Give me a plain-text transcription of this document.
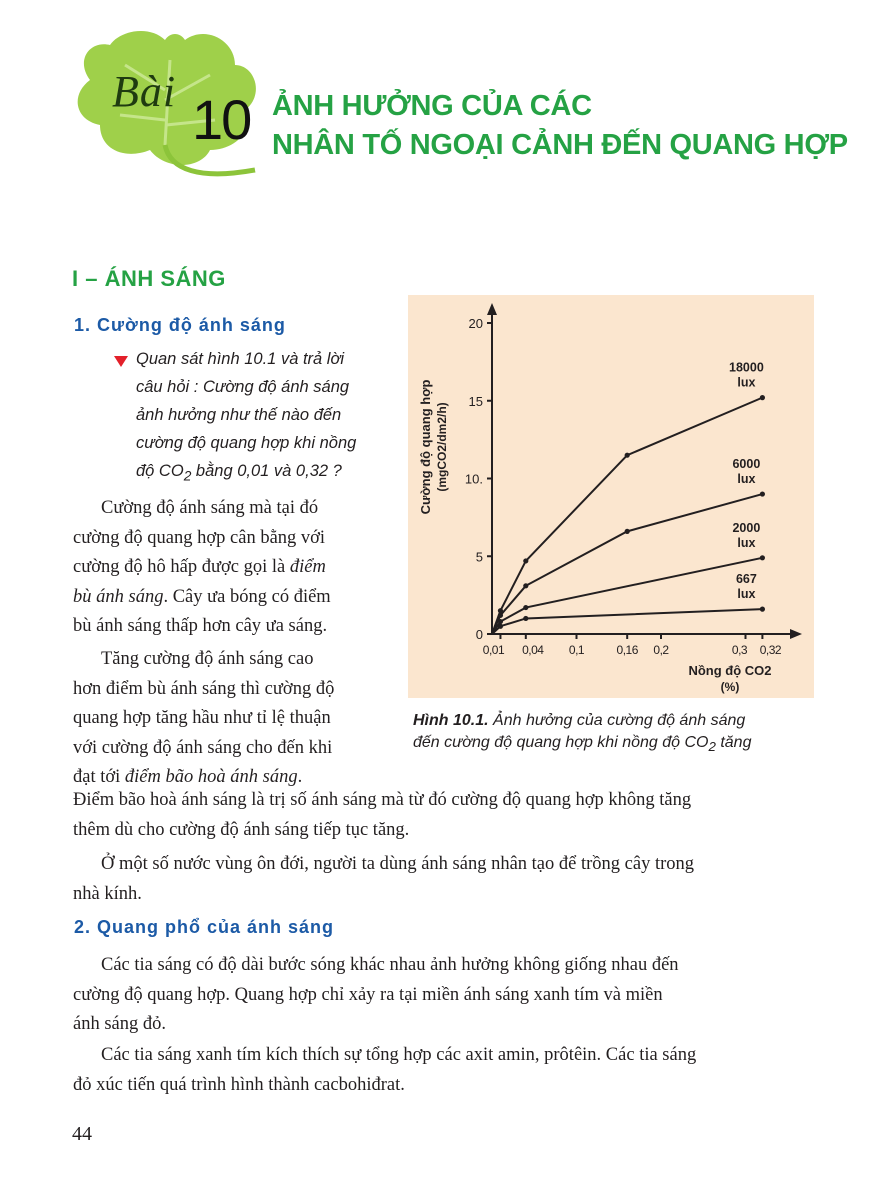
Bài 10 ẢNH HƯỞNG CỦA CÁC
NHÂN TỐ NGOẠI CẢNH ĐẾN QUANG HỢP
I – ÁNH SÁNG
1. Cường độ ánh sáng
Quan sát hình 10.1 và trả lời
câu hỏi : Cường độ ánh sáng
ảnh hưởng như thế nào đến
cường độ quang hợp khi nồng
độ $CO_2$ bằng 0,01 và 0,32 ?
Cường độ ánh sáng mà tại đó
cường độ quang hợp cân bằng với
cường độ hô hấp được gọi là điểm
bù ánh sáng. Cây ưa bóng có điểm
bù ánh sáng thấp hơn cây ưa sáng.
Tăng cường độ ánh sáng cao
hơn điểm bù ánh sáng thì cường độ
quang hợp tăng hầu như tỉ lệ thuận
với cường độ ánh sáng cho đến khi
đạt tới điểm bão hoà ánh sáng.
Điểm bão hoà ánh sáng là trị số ánh sáng mà từ đó cường độ quang hợp không tăng
thêm dù cho cường độ ánh sáng tiếp tục tăng.
Ở một số nước vùng ôn đới, người ta dùng ánh sáng nhân tạo để trồng cây trong
nhà kính.
2. Quang phổ của ánh sáng
Các tia sáng có độ dài bước sóng khác nhau ảnh hưởng không giống nhau đến
cường độ quang hợp. Quang hợp chỉ xảy ra tại miền ánh sáng xanh tím và miền
ánh sáng đỏ.
Các tia sáng xanh tím kích thích sự tổng hợp các axit amin, prôtêin. Các tia sáng
đỏ xúc tiến quá trình hình thành cacbohiđrat.
0
5
10.
15
20
0,01 0,04 0,1	0,16 0,2	0,3 0,32
18000
lux
6000
lux
2000
lux
667
lux
Cường độ quang hợp (mgCO2/dm2/h)
Nồng độ CO2
(%)
Hình 10.1. Ảnh hưởng của cường độ ánh sáng
đến cường độ quang hợp khi nồng độ $CO_2$ tăng
44
